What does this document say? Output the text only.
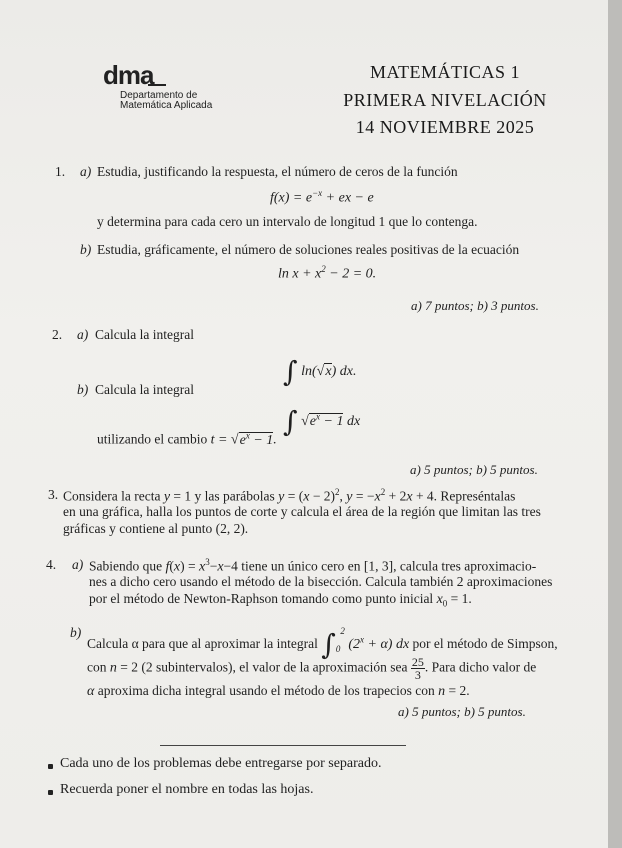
dma
Departamento de
Matemática Aplicada
MATEMÁTICAS 1
PRIMERA NIVELACIÓN
14 NOVIEMBRE 2025
1. a) Estudia, justificando la respuesta, el número de ceros de la función
$f(x) = e^{-x}$ + ex − e
y determina para cada cero un intervalo de longitud 1 que lo contenga.
b) Estudia, gráficamente, el número de soluciones reales positivas de la ecuación
$\ln x + x^2 - 2 = 0$.
a) 7 puntos; b) 3 puntos.
2. a) Calcula la integral
∫ ln(√x) dx.
b) Calcula la integral
∫ $√e^x - 1$ dx
utilizando el cambio $t = √e^x - 1$.
a) 5 puntos; b) 5 puntos.
3. Considera la recta y = 1 y las parábolas $y = (x - 2)^2$, $y = -x^2 + 2x + 4$. Represéntalas
en una gráfica, halla los puntos de corte y calcula el área de la región que limitan las tres
gráficas y contiene al punto (2, 2).
4. a) Sabiendo que $f(x) = x^3-x-4$ tiene un único cero en [1, 3], calcula tres aproximacio-
nes a dicho cero usando el método de la bisección. Calcula también 2 aproximaciones
por el método de Newton-Raphson tomando como punto inicial $x_0 = 1$.
b)
Calcula α para que al aproximar la integral $\int_0^2$ $(2^x + \alpha)$ dx por el método de Simpson,
con n = 2 (2 subintervalos), el valor de la aproximación sea $\frac{25}{3}$ . Para dicho valor de
α aproxima dicha integral usando el método de los trapecios con n = 2.
a) 5 puntos; b) 5 puntos.
Cada uno de los problemas debe entregarse por separado.
Recuerda poner el nombre en todas las hojas.
